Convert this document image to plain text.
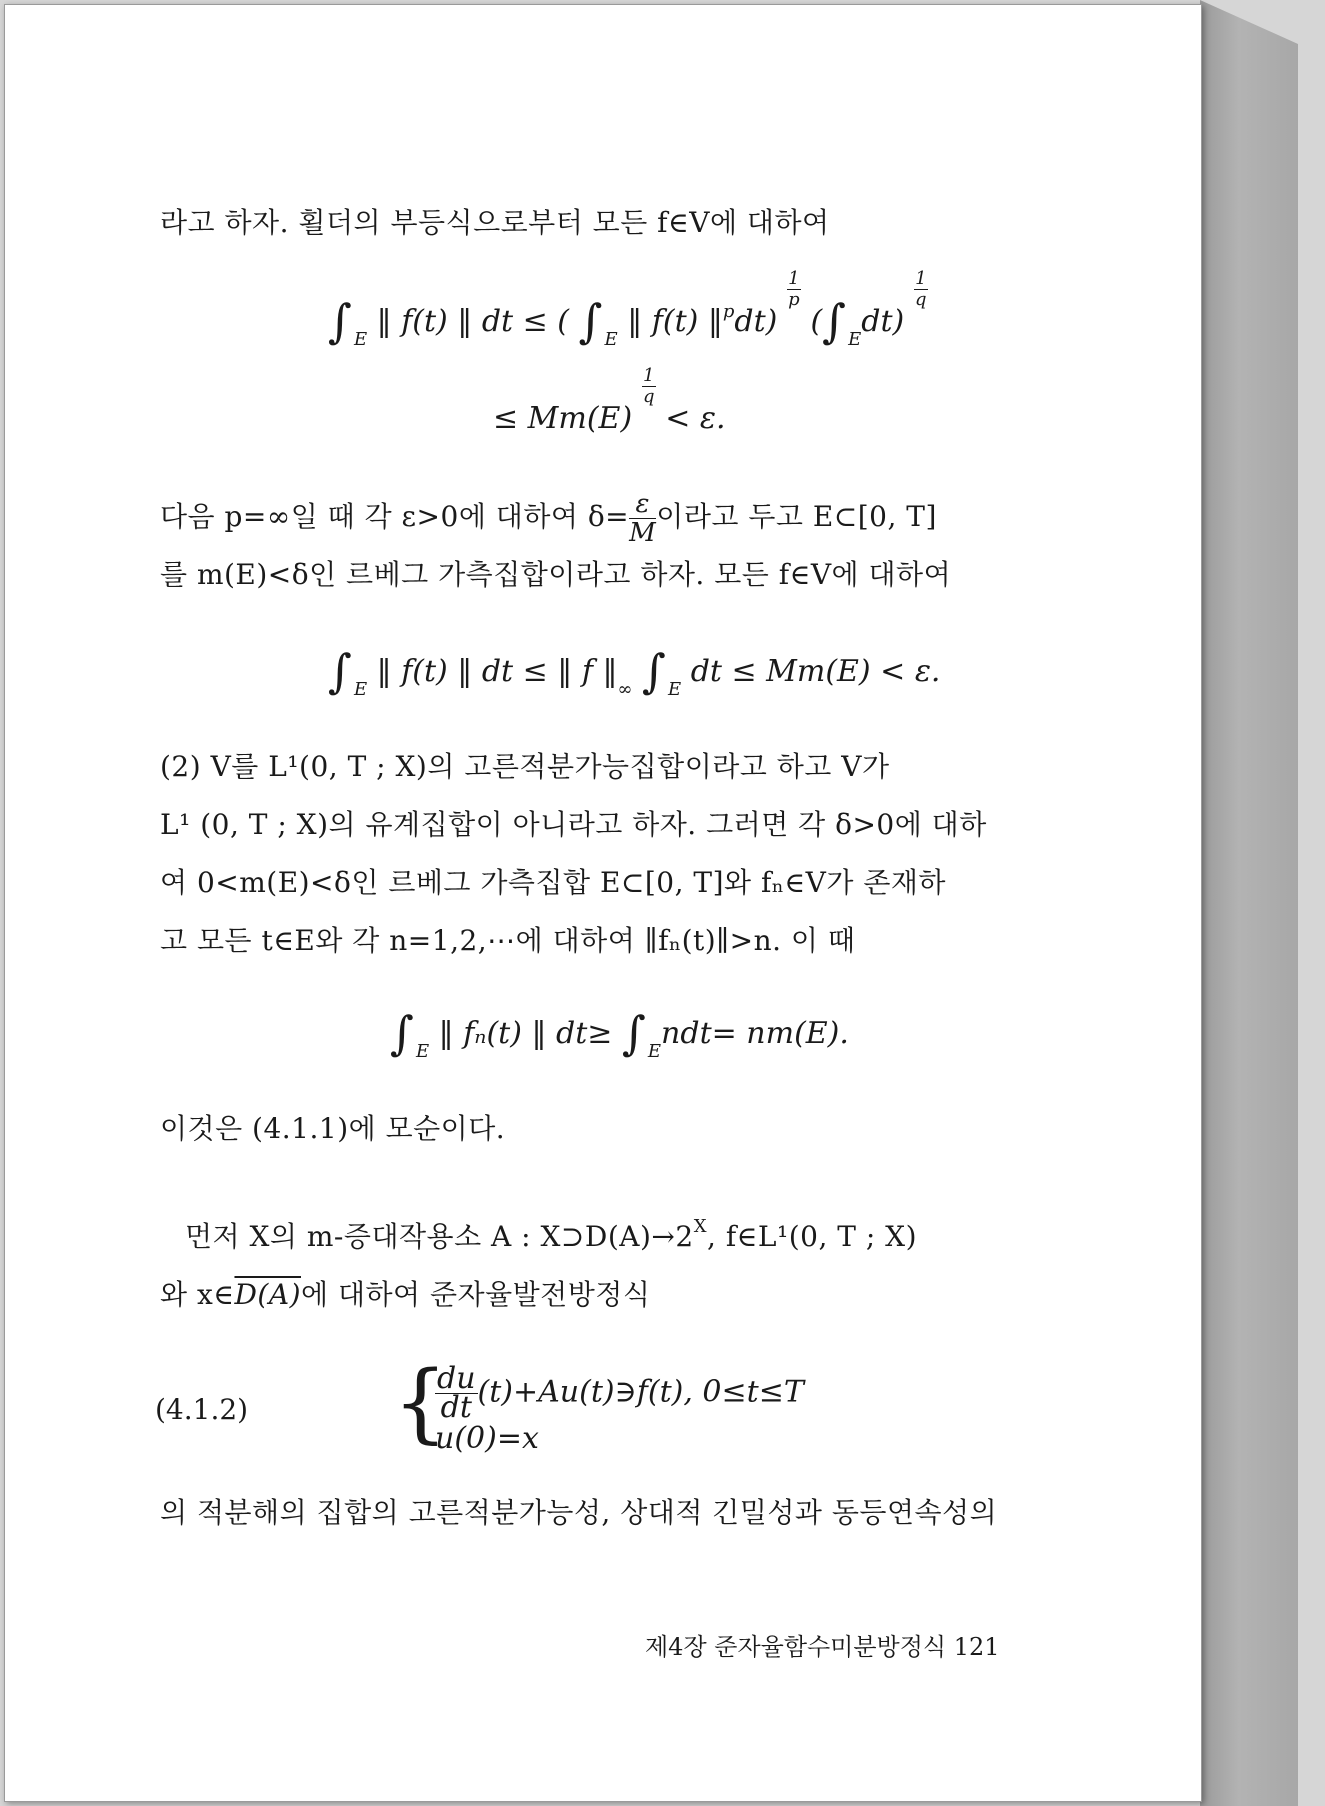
라고 하자. 횔더의 부등식으로부터 모든 f∈V에 대하여
∫ $_E$ ‖ f(t) ‖ dt ≤ ( ∫ $_E$ ‖ f(t) ‖$^p$dt)
$\frac{1}{p}$
(∫ $_E$dt)
$\frac{1}{q}$
≤ Mm(E)
$\frac{1}{q}$
< ε.
다음 p=∞일 때 각 ε>0에 대하여 $\delta= \frac{\varepsilon}{M}$ 이라고 두고 E⊂[0, T]
를 m(E)<δ인 르베그 가측집합이라고 하자. 모든 f∈V에 대하여
∫ $_E$ ‖ f(t) ‖ dt ≤ ‖ f $‖_\infty$ ∫ $_E$ dt ≤ Mm(E) < ε.
(2) V를 L¹(0, T ; X)의 고른적분가능집합이라고 하고 V가
L¹ (0, T ; X)의 유계집합이 아니라고 하자. 그러면 각 δ>0에 대하
여 0<m(E)<δ인 르베그 가측집합 E⊂[0, T]와 fₙ∈V가 존재하
고 모든 t∈E와 각 n=1,2,⋯에 대하여 ∥fₙ(t)∥>n. 이 때
∫ $_E$ ‖ fₙ(t) ‖ dt≥ ∫ $_E$ndt= nm(E).
이것은 (4.1.1)에 모순이다.
먼저 X의 m-증대작용소 A : $X⊃D(A)\to 2^X$, f∈L¹(0, T ; X)
와 x∈D(A)에 대하여 준자율발전방정식
(4.1.2) {
$\frac{du}{dt}$ (t)+Au(t)∋f(t), 0≤t≤T
u(0)=x
의 적분해의 집합의 고른적분가능성, 상대적 긴밀성과 동등연속성의
제4장 준자율함수미분방정식 121
